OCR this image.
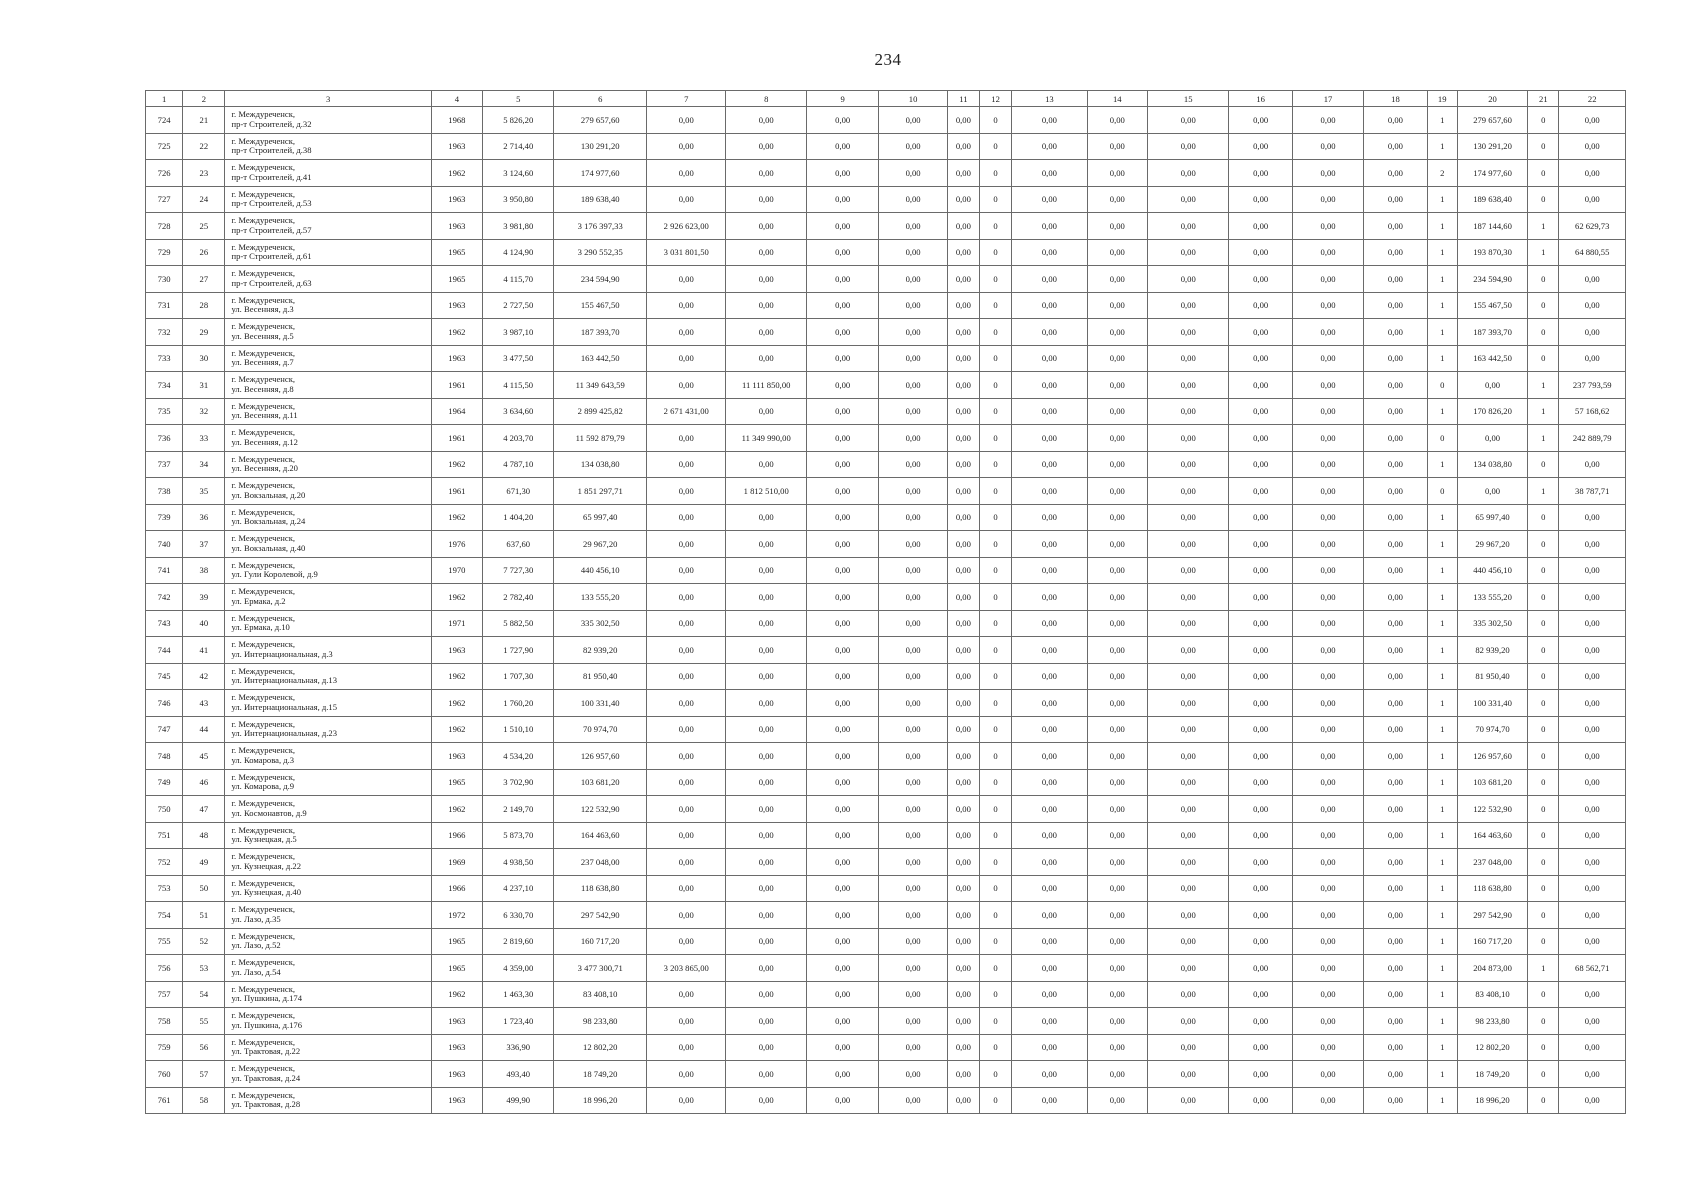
234
1	2	3	4	5	6	7	8	9	10	11	12	13	14	15	16	17	18	19	20	21	22
724	21	г. Междуреченск,
пр-т Строителей, д.32	1968	5 826,20	279 657,60	0,00	0,00	0,00	0,00	0,00	0	0,00	0,00	0,00	0,00	0,00	0,00	1	279 657,60	0	0,00
725	22	г. Междуреченск,
пр-т Строителей, д.38	1963	2 714,40	130 291,20	0,00	0,00	0,00	0,00	0,00	0	0,00	0,00	0,00	0,00	0,00	0,00	1	130 291,20	0	0,00
726	23	г. Междуреченск,
пр-т Строителей, д.41	1962	3 124,60	174 977,60	0,00	0,00	0,00	0,00	0,00	0	0,00	0,00	0,00	0,00	0,00	0,00	2	174 977,60	0	0,00
727	24	г. Междуреченск,
пр-т Строителей, д.53	1963	3 950,80	189 638,40	0,00	0,00	0,00	0,00	0,00	0	0,00	0,00	0,00	0,00	0,00	0,00	1	189 638,40	0	0,00
728	25	г. Междуреченск,
пр-т Строителей, д.57	1963	3 981,80	3 176 397,33	2 926 623,00	0,00	0,00	0,00	0,00	0	0,00	0,00	0,00	0,00	0,00	0,00	1	187 144,60	1	62 629,73
729	26	г. Междуреченск,
пр-т Строителей, д.61	1965	4 124,90	3 290 552,35	3 031 801,50	0,00	0,00	0,00	0,00	0	0,00	0,00	0,00	0,00	0,00	0,00	1	193 870,30	1	64 880,55
730	27	г. Междуреченск,
пр-т Строителей, д.63	1965	4 115,70	234 594,90	0,00	0,00	0,00	0,00	0,00	0	0,00	0,00	0,00	0,00	0,00	0,00	1	234 594,90	0	0,00
731	28	г. Междуреченск,
ул. Весенняя, д.3	1963	2 727,50	155 467,50	0,00	0,00	0,00	0,00	0,00	0	0,00	0,00	0,00	0,00	0,00	0,00	1	155 467,50	0	0,00
732	29	г. Междуреченск,
ул. Весенняя, д.5	1962	3 987,10	187 393,70	0,00	0,00	0,00	0,00	0,00	0	0,00	0,00	0,00	0,00	0,00	0,00	1	187 393,70	0	0,00
733	30	г. Междуреченск,
ул. Весенняя, д.7	1963	3 477,50	163 442,50	0,00	0,00	0,00	0,00	0,00	0	0,00	0,00	0,00	0,00	0,00	0,00	1	163 442,50	0	0,00
734	31	г. Междуреченск,
ул. Весенняя, д.8	1961	4 115,50	11 349 643,59	0,00	11 111 850,00	0,00	0,00	0,00	0	0,00	0,00	0,00	0,00	0,00	0,00	0	0,00	1	237 793,59
735	32	г. Междуреченск,
ул. Весенняя, д.11	1964	3 634,60	2 899 425,82	2 671 431,00	0,00	0,00	0,00	0,00	0	0,00	0,00	0,00	0,00	0,00	0,00	1	170 826,20	1	57 168,62
736	33	г. Междуреченск,
ул. Весенняя, д.12	1961	4 203,70	11 592 879,79	0,00	11 349 990,00	0,00	0,00	0,00	0	0,00	0,00	0,00	0,00	0,00	0,00	0	0,00	1	242 889,79
737	34	г. Междуреченск,
ул. Весенняя, д.20	1962	4 787,10	134 038,80	0,00	0,00	0,00	0,00	0,00	0	0,00	0,00	0,00	0,00	0,00	0,00	1	134 038,80	0	0,00
738	35	г. Междуреченск,
ул. Вокзальная, д.20	1961	671,30	1 851 297,71	0,00	1 812 510,00	0,00	0,00	0,00	0	0,00	0,00	0,00	0,00	0,00	0,00	0	0,00	1	38 787,71
739	36	г. Междуреченск,
ул. Вокзальная, д.24	1962	1 404,20	65 997,40	0,00	0,00	0,00	0,00	0,00	0	0,00	0,00	0,00	0,00	0,00	0,00	1	65 997,40	0	0,00
740	37	г. Междуреченск,
ул. Вокзальная, д.40	1976	637,60	29 967,20	0,00	0,00	0,00	0,00	0,00	0	0,00	0,00	0,00	0,00	0,00	0,00	1	29 967,20	0	0,00
741	38	г. Междуреченск,
ул. Гули Королевой, д.9	1970	7 727,30	440 456,10	0,00	0,00	0,00	0,00	0,00	0	0,00	0,00	0,00	0,00	0,00	0,00	1	440 456,10	0	0,00
742	39	г. Междуреченск,
ул. Ермака, д.2	1962	2 782,40	133 555,20	0,00	0,00	0,00	0,00	0,00	0	0,00	0,00	0,00	0,00	0,00	0,00	1	133 555,20	0	0,00
743	40	г. Междуреченск,
ул. Ермака, д.10	1971	5 882,50	335 302,50	0,00	0,00	0,00	0,00	0,00	0	0,00	0,00	0,00	0,00	0,00	0,00	1	335 302,50	0	0,00
744	41	г. Междуреченск,
ул. Интернациональная, д.3	1963	1 727,90	82 939,20	0,00	0,00	0,00	0,00	0,00	0	0,00	0,00	0,00	0,00	0,00	0,00	1	82 939,20	0	0,00
745	42	г. Междуреченск,
ул. Интернациональная, д.13	1962	1 707,30	81 950,40	0,00	0,00	0,00	0,00	0,00	0	0,00	0,00	0,00	0,00	0,00	0,00	1	81 950,40	0	0,00
746	43	г. Междуреченск,
ул. Интернациональная, д.15	1962	1 760,20	100 331,40	0,00	0,00	0,00	0,00	0,00	0	0,00	0,00	0,00	0,00	0,00	0,00	1	100 331,40	0	0,00
747	44	г. Междуреченск,
ул. Интернациональная, д.23	1962	1 510,10	70 974,70	0,00	0,00	0,00	0,00	0,00	0	0,00	0,00	0,00	0,00	0,00	0,00	1	70 974,70	0	0,00
748	45	г. Междуреченск,
ул. Комарова, д.3	1963	4 534,20	126 957,60	0,00	0,00	0,00	0,00	0,00	0	0,00	0,00	0,00	0,00	0,00	0,00	1	126 957,60	0	0,00
749	46	г. Междуреченск,
ул. Комарова, д.9	1965	3 702,90	103 681,20	0,00	0,00	0,00	0,00	0,00	0	0,00	0,00	0,00	0,00	0,00	0,00	1	103 681,20	0	0,00
750	47	г. Междуреченск,
ул. Космонавтов, д.9	1962	2 149,70	122 532,90	0,00	0,00	0,00	0,00	0,00	0	0,00	0,00	0,00	0,00	0,00	0,00	1	122 532,90	0	0,00
751	48	г. Междуреченск,
ул. Кузнецкая, д.5	1966	5 873,70	164 463,60	0,00	0,00	0,00	0,00	0,00	0	0,00	0,00	0,00	0,00	0,00	0,00	1	164 463,60	0	0,00
752	49	г. Междуреченск,
ул. Кузнецкая, д.22	1969	4 938,50	237 048,00	0,00	0,00	0,00	0,00	0,00	0	0,00	0,00	0,00	0,00	0,00	0,00	1	237 048,00	0	0,00
753	50	г. Междуреченск,
ул. Кузнецкая, д.40	1966	4 237,10	118 638,80	0,00	0,00	0,00	0,00	0,00	0	0,00	0,00	0,00	0,00	0,00	0,00	1	118 638,80	0	0,00
754	51	г. Междуреченск,
ул. Лазо, д.35	1972	6 330,70	297 542,90	0,00	0,00	0,00	0,00	0,00	0	0,00	0,00	0,00	0,00	0,00	0,00	1	297 542,90	0	0,00
755	52	г. Междуреченск,
ул. Лазо, д.52	1965	2 819,60	160 717,20	0,00	0,00	0,00	0,00	0,00	0	0,00	0,00	0,00	0,00	0,00	0,00	1	160 717,20	0	0,00
756	53	г. Междуреченск,
ул. Лазо, д.54	1965	4 359,00	3 477 300,71	3 203 865,00	0,00	0,00	0,00	0,00	0	0,00	0,00	0,00	0,00	0,00	0,00	1	204 873,00	1	68 562,71
757	54	г. Междуреченск,
ул. Пушкина, д.174	1962	1 463,30	83 408,10	0,00	0,00	0,00	0,00	0,00	0	0,00	0,00	0,00	0,00	0,00	0,00	1	83 408,10	0	0,00
758	55	г. Междуреченск,
ул. Пушкина, д.176	1963	1 723,40	98 233,80	0,00	0,00	0,00	0,00	0,00	0	0,00	0,00	0,00	0,00	0,00	0,00	1	98 233,80	0	0,00
759	56	г. Междуреченск,
ул. Трактовая, д.22	1963	336,90	12 802,20	0,00	0,00	0,00	0,00	0,00	0	0,00	0,00	0,00	0,00	0,00	0,00	1	12 802,20	0	0,00
760	57	г. Междуреченск,
ул. Трактовая, д.24	1963	493,40	18 749,20	0,00	0,00	0,00	0,00	0,00	0	0,00	0,00	0,00	0,00	0,00	0,00	1	18 749,20	0	0,00
761	58	г. Междуреченск,
ул. Трактовая, д.28	1963	499,90	18 996,20	0,00	0,00	0,00	0,00	0,00	0	0,00	0,00	0,00	0,00	0,00	0,00	1	18 996,20	0	0,00
